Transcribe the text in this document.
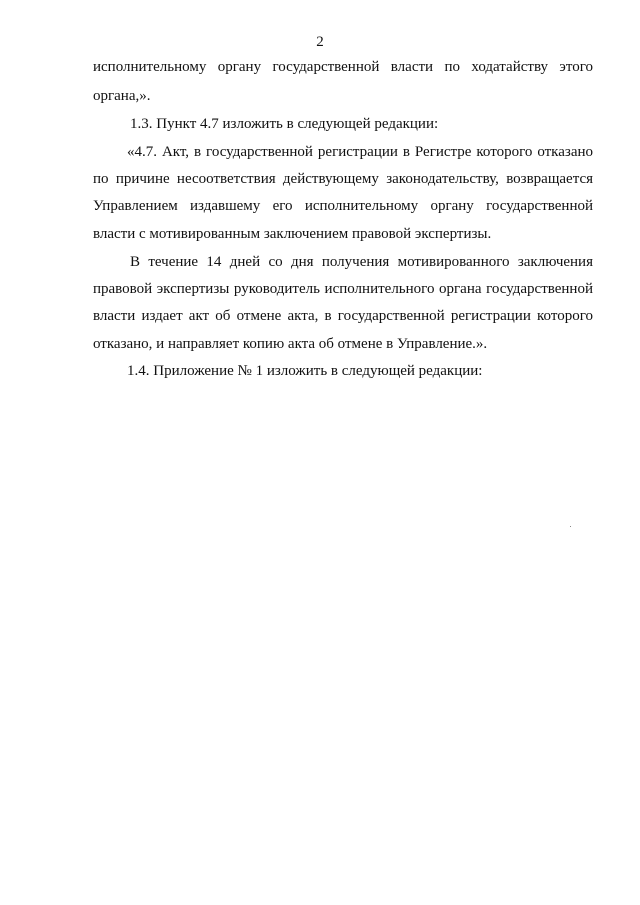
2
исполнительному органу государственной власти по ходатайству этого
органа,».
1.3. Пункт 4.7 изложить в следующей редакции:
«4.7. Акт, в государственной регистрации в Регистре которого отказано
по причине несоответствия действующему законодательству, возвращается
Управлением издавшему его исполнительному органу государственной
власти с мотивированным заключением правовой экспертизы.
В течение 14 дней со дня получения мотивированного заключения
правовой экспертизы руководитель исполнительного органа государственной
власти издает акт об отмене акта, в государственной регистрации которого
отказано, и направляет копию акта об отмене в Управление.».
1.4. Приложение № 1 изложить в следующей редакции:
